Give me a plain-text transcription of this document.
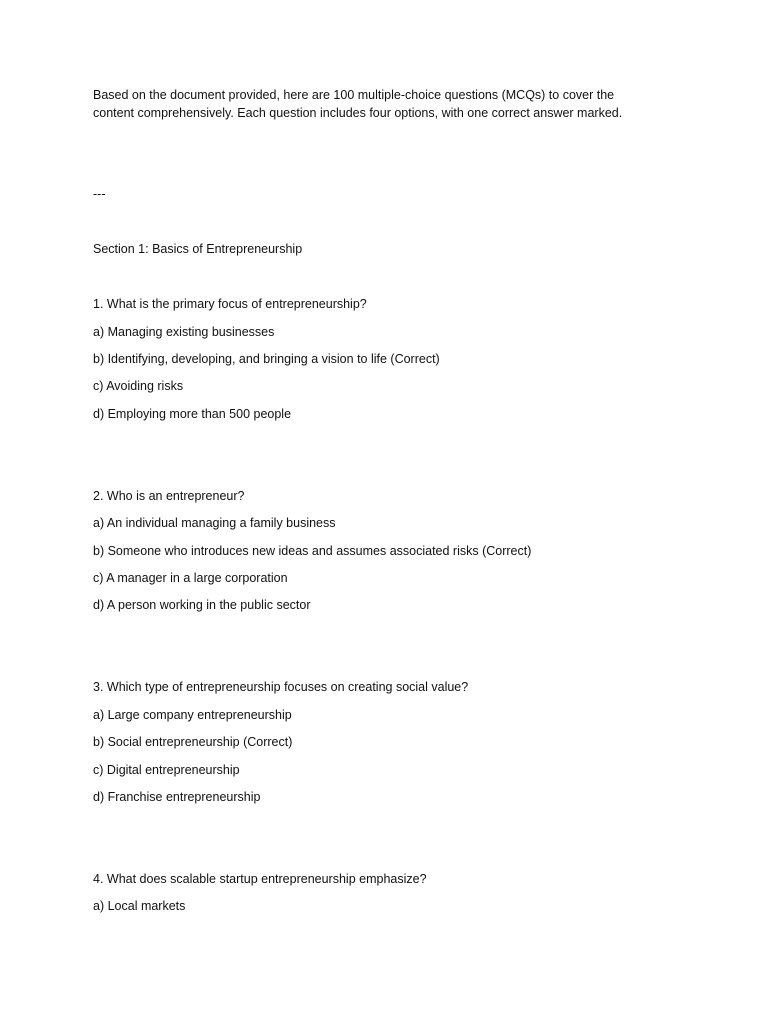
Based on the document provided, here are 100 multiple-choice questions (MCQs) to cover the
content comprehensively. Each question includes four options, with one correct answer marked.
---
Section 1: Basics of Entrepreneurship
1. What is the primary focus of entrepreneurship?
a) Managing existing businesses
b) Identifying, developing, and bringing a vision to life (Correct)
c) Avoiding risks
d) Employing more than 500 people
2. Who is an entrepreneur?
a) An individual managing a family business
b) Someone who introduces new ideas and assumes associated risks (Correct)
c) A manager in a large corporation
d) A person working in the public sector
3. Which type of entrepreneurship focuses on creating social value?
a) Large company entrepreneurship
b) Social entrepreneurship (Correct)
c) Digital entrepreneurship
d) Franchise entrepreneurship
4. What does scalable startup entrepreneurship emphasize?
a) Local markets
